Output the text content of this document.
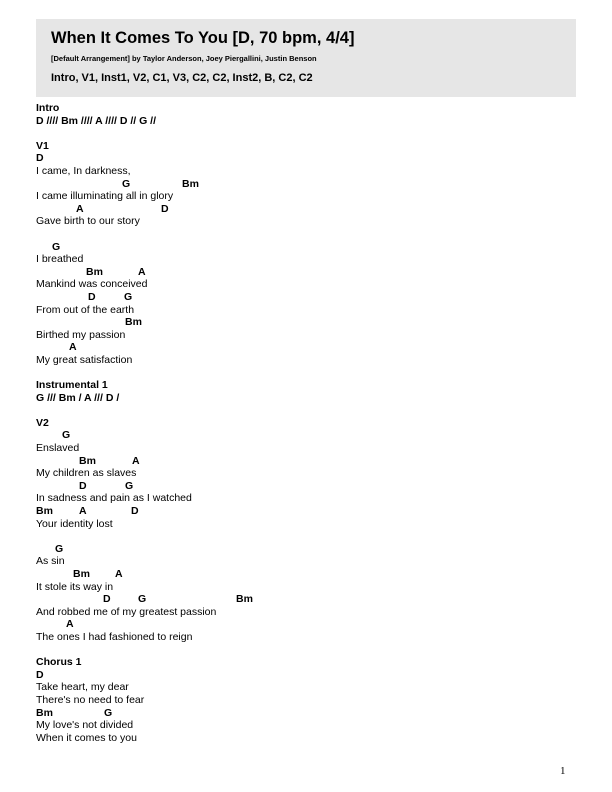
When It Comes To You [D, 70 bpm, 4/4]
[Default Arrangement] by Taylor Anderson, Joey Piergallini, Justin Benson
Intro, V1, Inst1, V2, C1, V3, C2, C2, Inst2, B, C2, C2
Intro
D //// Bm //// A //// D // G //
V1
D
I came, In darkness,
G	Bm
I came illuminating all in glory
A	D
Gave birth to our story
G
I breathed
Bm	A
Mankind was conceived
D	G
From out of the earth
Bm
Birthed my passion
A
My great satisfaction
Instrumental 1
G /// Bm / A /// D /
V2
G
Enslaved
Bm	A
My children as slaves
D	G
In sadness and pain as I watched
Bm A	D
Your identity lost
G
As sin
Bm A
It stole its way in
D	G	Bm
And robbed me of my greatest passion
A
The ones I had fashioned to reign
Chorus 1
D
Take heart, my dear
There's no need to fear
Bm	G
My love's not divided
When it comes to you
1
